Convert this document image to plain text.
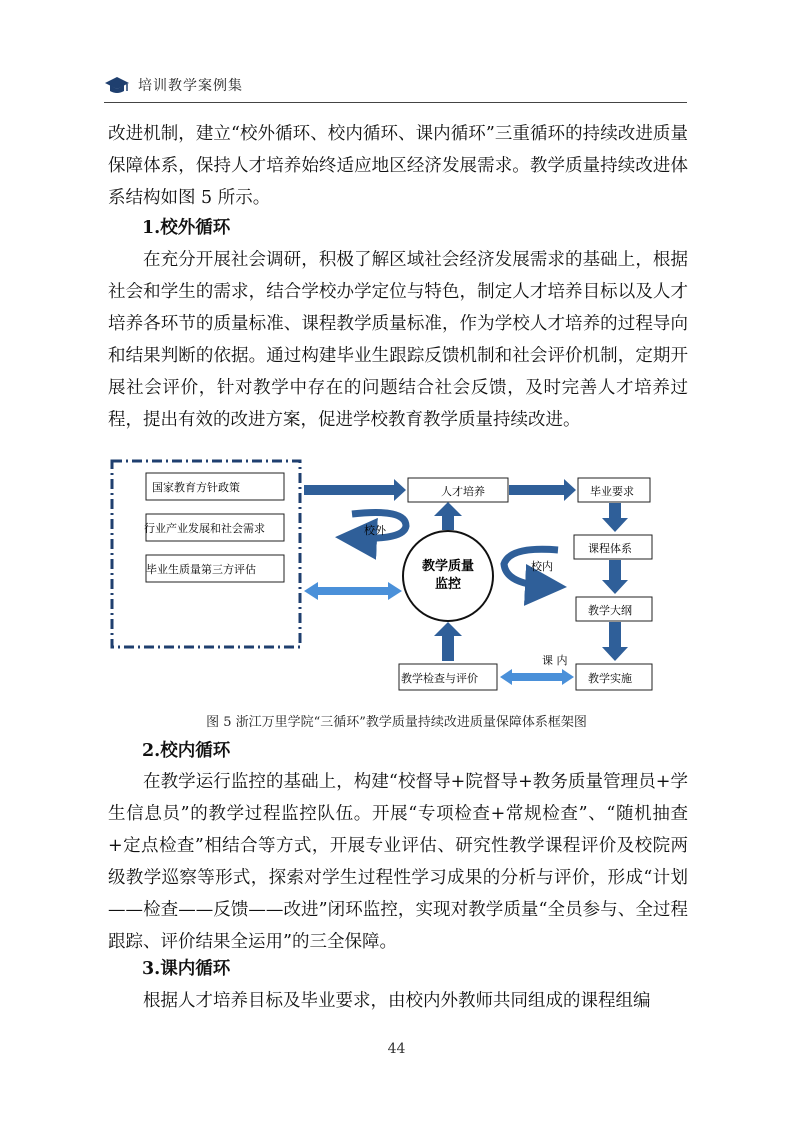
培训教学案例集

改进机制，建立“校外循环、校内循环、课内循环”三重循环的持续改进质量保障体系，保持人才培养始终适应地区经济发展需求。教学质量持续改进体系结构如图 5 所示。

1.校外循环

在充分开展社会调研，积极了解区域社会经济发展需求的基础上，根据社会和学生的需求，结合学校办学定位与特色，制定人才培养目标以及人才培养各环节的质量标准、课程教学质量标准，作为学校人才培养的过程导向和结果判断的依据。通过构建毕业生跟踪反馈机制和社会评价机制，定期开展社会评价，针对教学中存在的问题结合社会反馈，及时完善人才培养过程，提出有效的改进方案，促进学校教育教学质量持续改进。

国家教育方针政策
行业产业发展和社会需求
毕业生质量第三方评估
人才培养	毕业要求
课程体系
教学大纲
教学实施
教学检查与评价
教学质量
监控
校外
校内
课 内
图 5 浙江万里学院“三循环”教学质量持续改进质量保障体系框架图

2.校内循环

在教学运行监控的基础上，构建“校督导+院督导+教务质量管理员+学生信息员”的教学过程监控队伍。开展“专项检查+常规检查”、“随机抽查+定点检查”相结合等方式，开展专业评估、研究性教学课程评价及校院两级教学巡察等形式，探索对学生过程性学习成果的分析与评价，形成“计划——检查——反馈——改进”闭环监控，实现对教学质量“全员参与、全过程跟踪、评价结果全运用”的三全保障。

3.课内循环

根据人才培养目标及毕业要求，由校内外教师共同组成的课程组编

44
